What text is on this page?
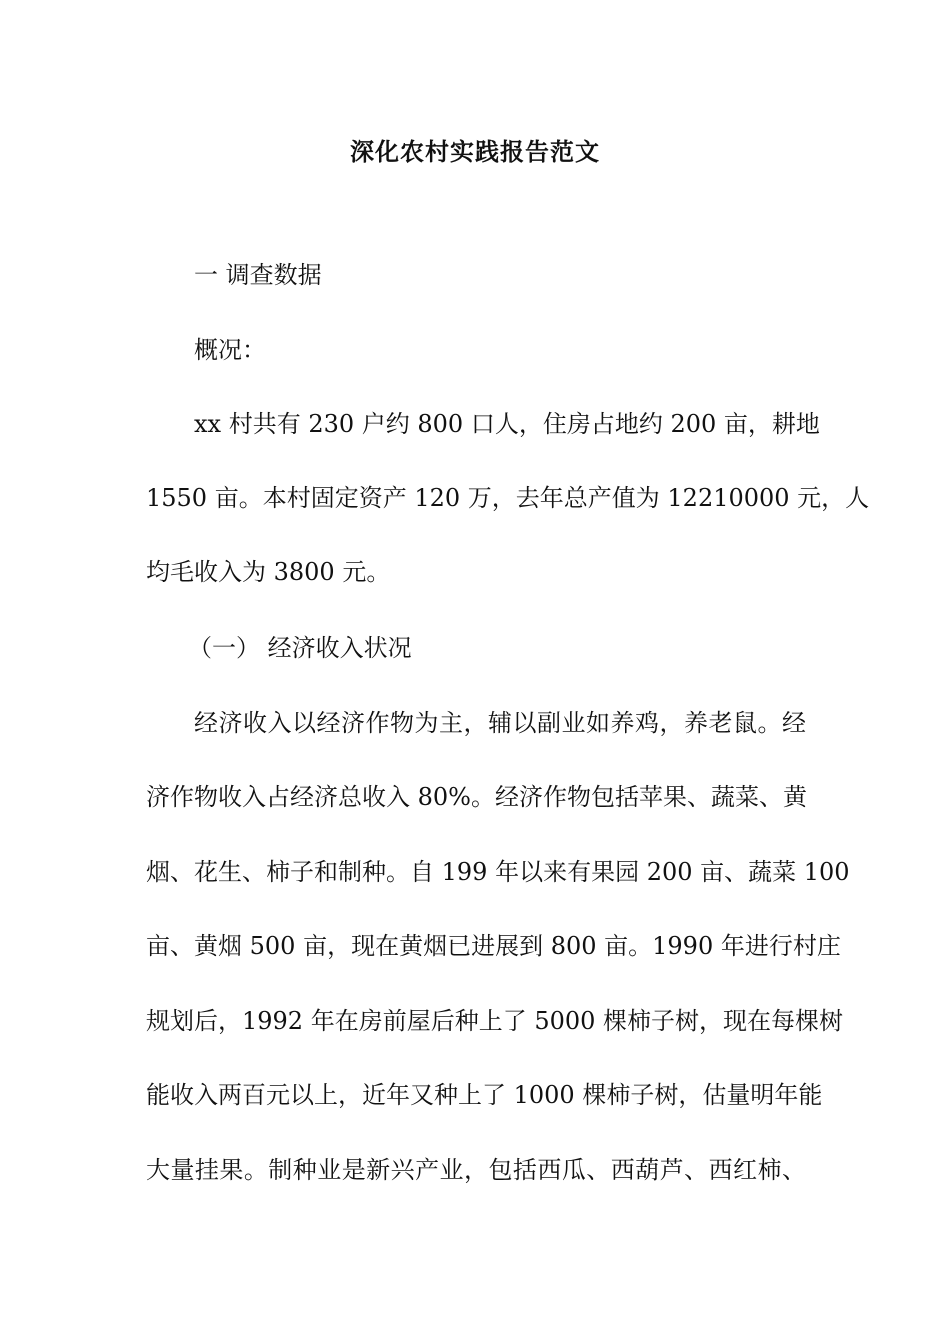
深化农村实践报告范文
一 调查数据
概况：
xx 村共有 230 户约 800 口人，住房占地约 200 亩，耕地
1550 亩。本村固定资产 120 万，去年总产值为 12210000 元，人
均毛收入为 3800 元。
（一） 经济收入状况
经济收入以经济作物为主，辅以副业如养鸡，养老鼠。经
济作物收入占经济总收入 80%。经济作物包括苹果、蔬菜、黄
烟、花生、柿子和制种。自 199 年以来有果园 200 亩、蔬菜 100
亩、黄烟 500 亩，现在黄烟已进展到 800 亩。1990 年进行村庄
规划后，1992 年在房前屋后种上了 5000 棵柿子树，现在每棵树
能收入两百元以上，近年又种上了 1000 棵柿子树，估量明年能
大量挂果。制种业是新兴产业，包括西瓜、西葫芦、西红柿、
